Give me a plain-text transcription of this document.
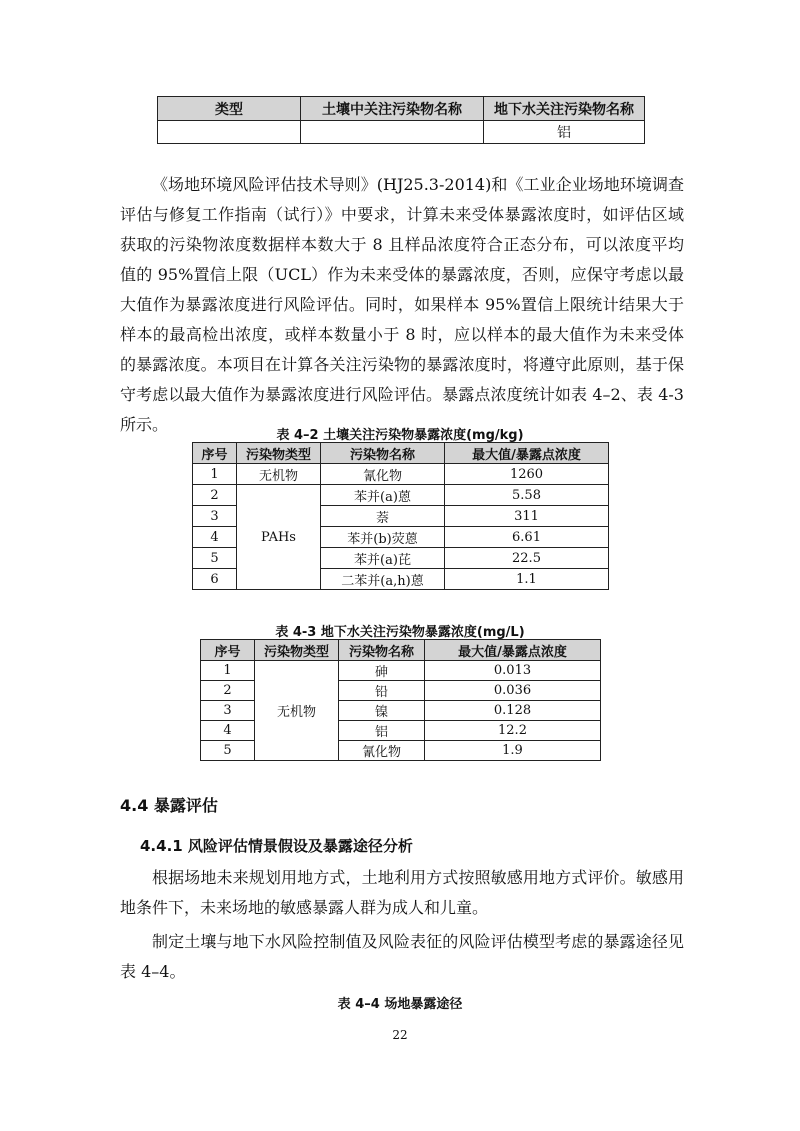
类型	土壤中关注污染物名称	地下水关注污染物名称
		铝

《场地环境风险评估技术导则》(HJ25.3-2014)和《工业企业场地环境调查评估与修复工作指南（试行）》中要求，计算未来受体暴露浓度时，如评估区域获取的污染物浓度数据样本数大于 8 且样品浓度符合正态分布，可以浓度平均值的 95%置信上限（UCL）作为未来受体的暴露浓度，否则，应保守考虑以最大值作为暴露浓度进行风险评估。同时，如果样本 95%置信上限统计结果大于样本的最高检出浓度，或样本数量小于 8 时，应以样本的最大值作为未来受体的暴露浓度。本项目在计算各关注污染物的暴露浓度时，将遵守此原则，基于保守考虑以最大值作为暴露浓度进行风险评估。暴露点浓度统计如表 4–2、表 4-3 所示。

表 4–2 土壤关注污染物暴露浓度(mg/kg)
序号	污染物类型	污染物名称	最大值/暴露点浓度
1	无机物	氰化物	1260
2	PAHs	苯并(a)蒽	5.58
3		萘	311
4		苯并(b)荧蒽	6.61
5		苯并(a)芘	22.5
6		二苯并(a,h)蒽	1.1
表 4-3 地下水关注污染物暴露浓度(mg/L)
序号	污染物类型	污染物名称	最大值/暴露点浓度
1	无机物	砷	0.013
2		铅	0.036
3		镍	0.128
4		铝	12.2
5		氰化物	1.9
4.4 暴露评估
4.4.1 风险评估情景假设及暴露途径分析

根据场地未来规划用地方式，土地利用方式按照敏感用地方式评价。敏感用地条件下，未来场地的敏感暴露人群为成人和儿童。

制定土壤与地下水风险控制值及风险表征的风险评估模型考虑的暴露途径见表 4–4。

表 4–4 场地暴露途径
22
